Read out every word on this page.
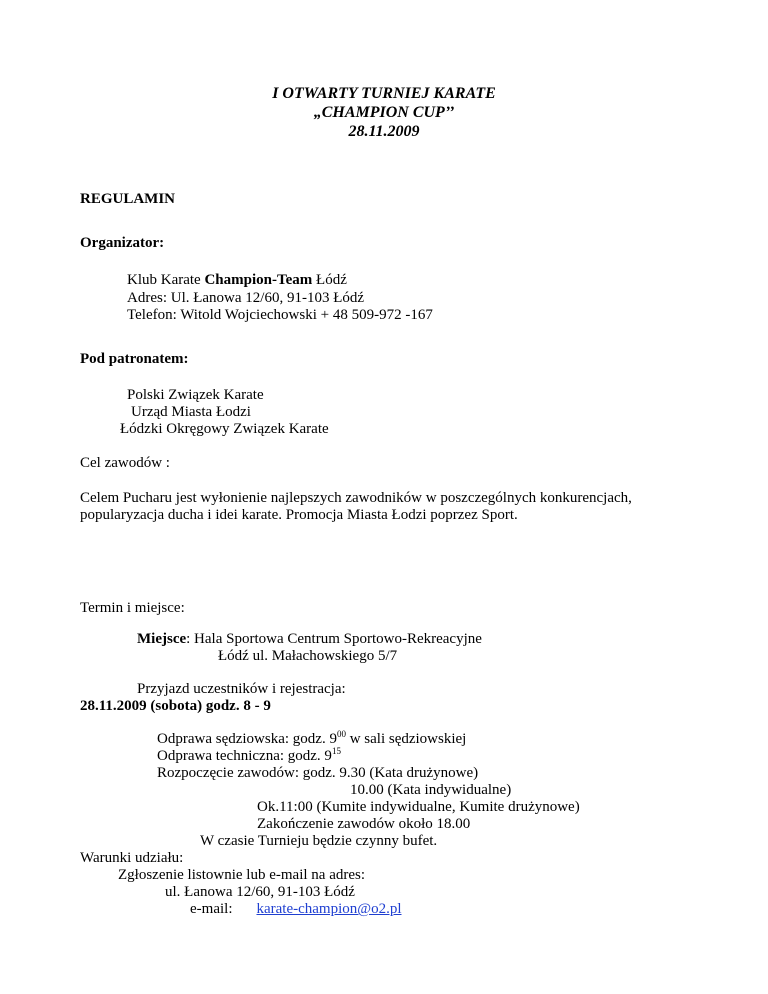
I OTWARTY TURNIEJ KARATE
„CHAMPION CUP’’
28.11.2009
REGULAMIN
Organizator:
Klub Karate Champion-Team Łódź
Adres: Ul. Łanowa 12/60, 91-103 Łódź
Telefon: Witold Wojciechowski + 48 509-972 -167
Pod patronatem:
Polski Związek Karate
Urząd Miasta Łodzi
Łódzki Okręgowy Związek Karate
Cel zawodów :
Celem Pucharu jest wyłonienie najlepszych zawodników w poszczególnych konkurencjach,
popularyzacja ducha i idei karate. Promocja Miasta Łodzi poprzez Sport.
Termin i miejsce:
Miejsce: Hala Sportowa Centrum Sportowo-Rekreacyjne
Łódź ul. Małachowskiego 5/7
Przyjazd uczestników i rejestracja:
28.11.2009 (sobota) godz. 8 - 9
Odprawa sędziowska: godz. $9^{00}$ w sali sędziowskiej
Odprawa techniczna: godz. $9^{15}$
Rozpoczęcie zawodów: godz. 9.30 (Kata drużynowe)
10.00 (Kata indywidualne)
Ok.11:00 (Kumite indywidualne, Kumite drużynowe)
Zakończenie zawodów około 18.00
W czasie Turnieju będzie czynny bufet.
Warunki udziału:
Zgłoszenie listownie lub e-mail na adres:
ul. Łanowa 12/60, 91-103 Łódź
e-mail: karate-champion@o2.pl
